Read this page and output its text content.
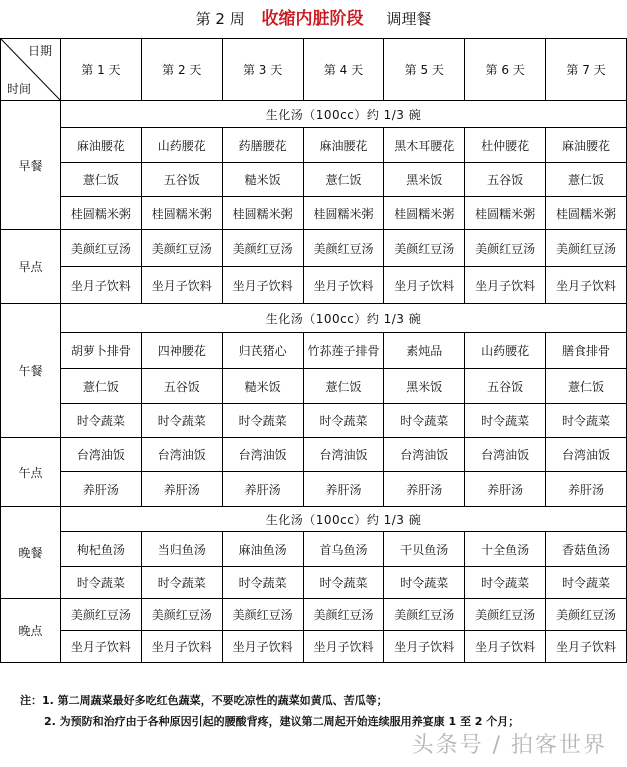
第 2 周 收缩内脏阶段 调理餐
日期
时间	第 1 天	第 2 天	第 3 天	第 4 天	第 5 天	第 6 天	第 7 天
早餐	生化汤（100cc）约 1/3 碗						
	麻油腰花	山药腰花	药膳腰花	麻油腰花	黑木耳腰花	杜仲腰花	麻油腰花
	薏仁饭	五谷饭	糙米饭	薏仁饭	黑米饭	五谷饭	薏仁饭
	桂圆糯米粥	桂圆糯米粥	桂圆糯米粥	桂圆糯米粥	桂圆糯米粥	桂圆糯米粥	桂圆糯米粥
早点	美颜红豆汤	美颜红豆汤	美颜红豆汤	美颜红豆汤	美颜红豆汤	美颜红豆汤	美颜红豆汤
	坐月子饮料	坐月子饮料	坐月子饮料	坐月子饮料	坐月子饮料	坐月子饮料	坐月子饮料
午餐	生化汤（100cc）约 1/3 碗						
	胡萝卜排骨	四神腰花	归芪猪心	竹荪莲子排骨	素炖品	山药腰花	膳食排骨
	薏仁饭	五谷饭	糙米饭	薏仁饭	黑米饭	五谷饭	薏仁饭
	时令蔬菜	时令蔬菜	时令蔬菜	时令蔬菜	时令蔬菜	时令蔬菜	时令蔬菜
午点	台湾油饭	台湾油饭	台湾油饭	台湾油饭	台湾油饭	台湾油饭	台湾油饭
	养肝汤	养肝汤	养肝汤	养肝汤	养肝汤	养肝汤	养肝汤
晚餐	生化汤（100cc）约 1/3 碗						
	枸杞鱼汤	当归鱼汤	麻油鱼汤	首乌鱼汤	干贝鱼汤	十全鱼汤	香菇鱼汤
	时令蔬菜	时令蔬菜	时令蔬菜	时令蔬菜	时令蔬菜	时令蔬菜	时令蔬菜
晚点	美颜红豆汤	美颜红豆汤	美颜红豆汤	美颜红豆汤	美颜红豆汤	美颜红豆汤	美颜红豆汤
	坐月子饮料	坐月子饮料	坐月子饮料	坐月子饮料	坐月子饮料	坐月子饮料	坐月子饮料
注：1. 第二周蔬菜最好多吃红色蔬菜，不要吃凉性的蔬菜如黄瓜、苦瓜等；
2. 为预防和治疗由于各种原因引起的腰酸背疼，建议第二周起开始连续服用养宴康 1 至 2 个月；
头条号 / 拍客世界
